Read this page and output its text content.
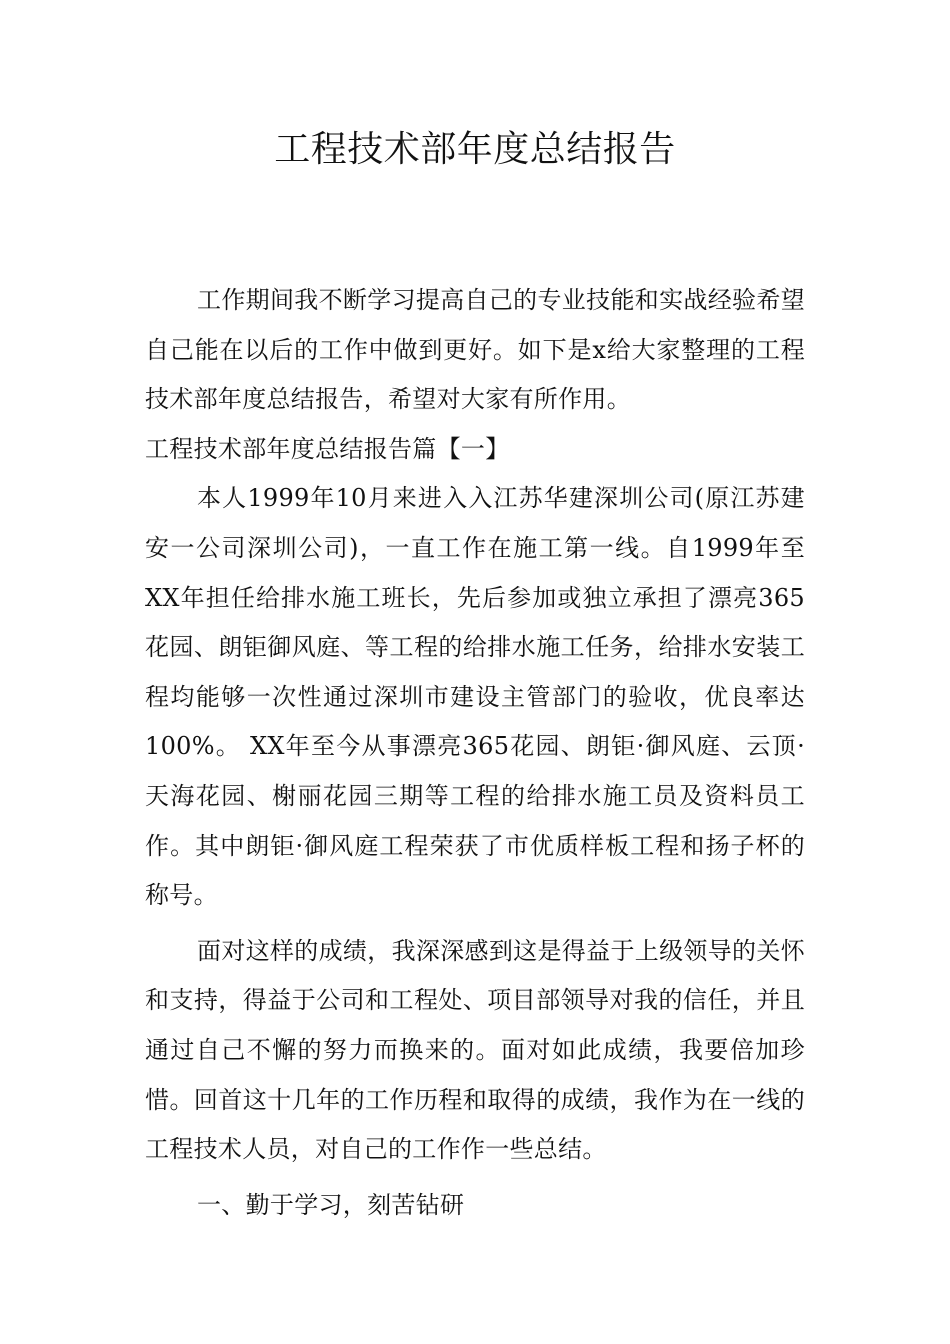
工程技术部年度总结报告

工作期间我不断学习提高自己的专业技能和实战经验希望自己能在以后的工作中做到更好。如下是x给大家整理的工程技术部年度总结报告，希望对大家有所作用。

工程技术部年度总结报告篇【一】

本人1999年10月来进入入江苏华建深圳公司(原江苏建安一公司深圳公司)，一直工作在施工第一线。自1999年至XX年担任给排水施工班长，先后参加或独立承担了漂亮365花园、朗钜御风庭、等工程的给排水施工任务，给排水安装工程均能够一次性通过深圳市建设主管部门的验收，优良率达100%。 XX年至今从事漂亮365花园、朗钜·御风庭、云顶·天海花园、榭丽花园三期等工程的给排水施工员及资料员工作。其中朗钜·御风庭工程荣获了市优质样板工程和扬子杯的称号。

面对这样的成绩，我深深感到这是得益于上级领导的关怀和支持，得益于公司和工程处、项目部领导对我的信任，并且通过自己不懈的努力而换来的。面对如此成绩，我要倍加珍惜。回首这十几年的工作历程和取得的成绩，我作为在一线的工程技术人员，对自己的工作作一些总结。

一、勤于学习，刻苦钻研
